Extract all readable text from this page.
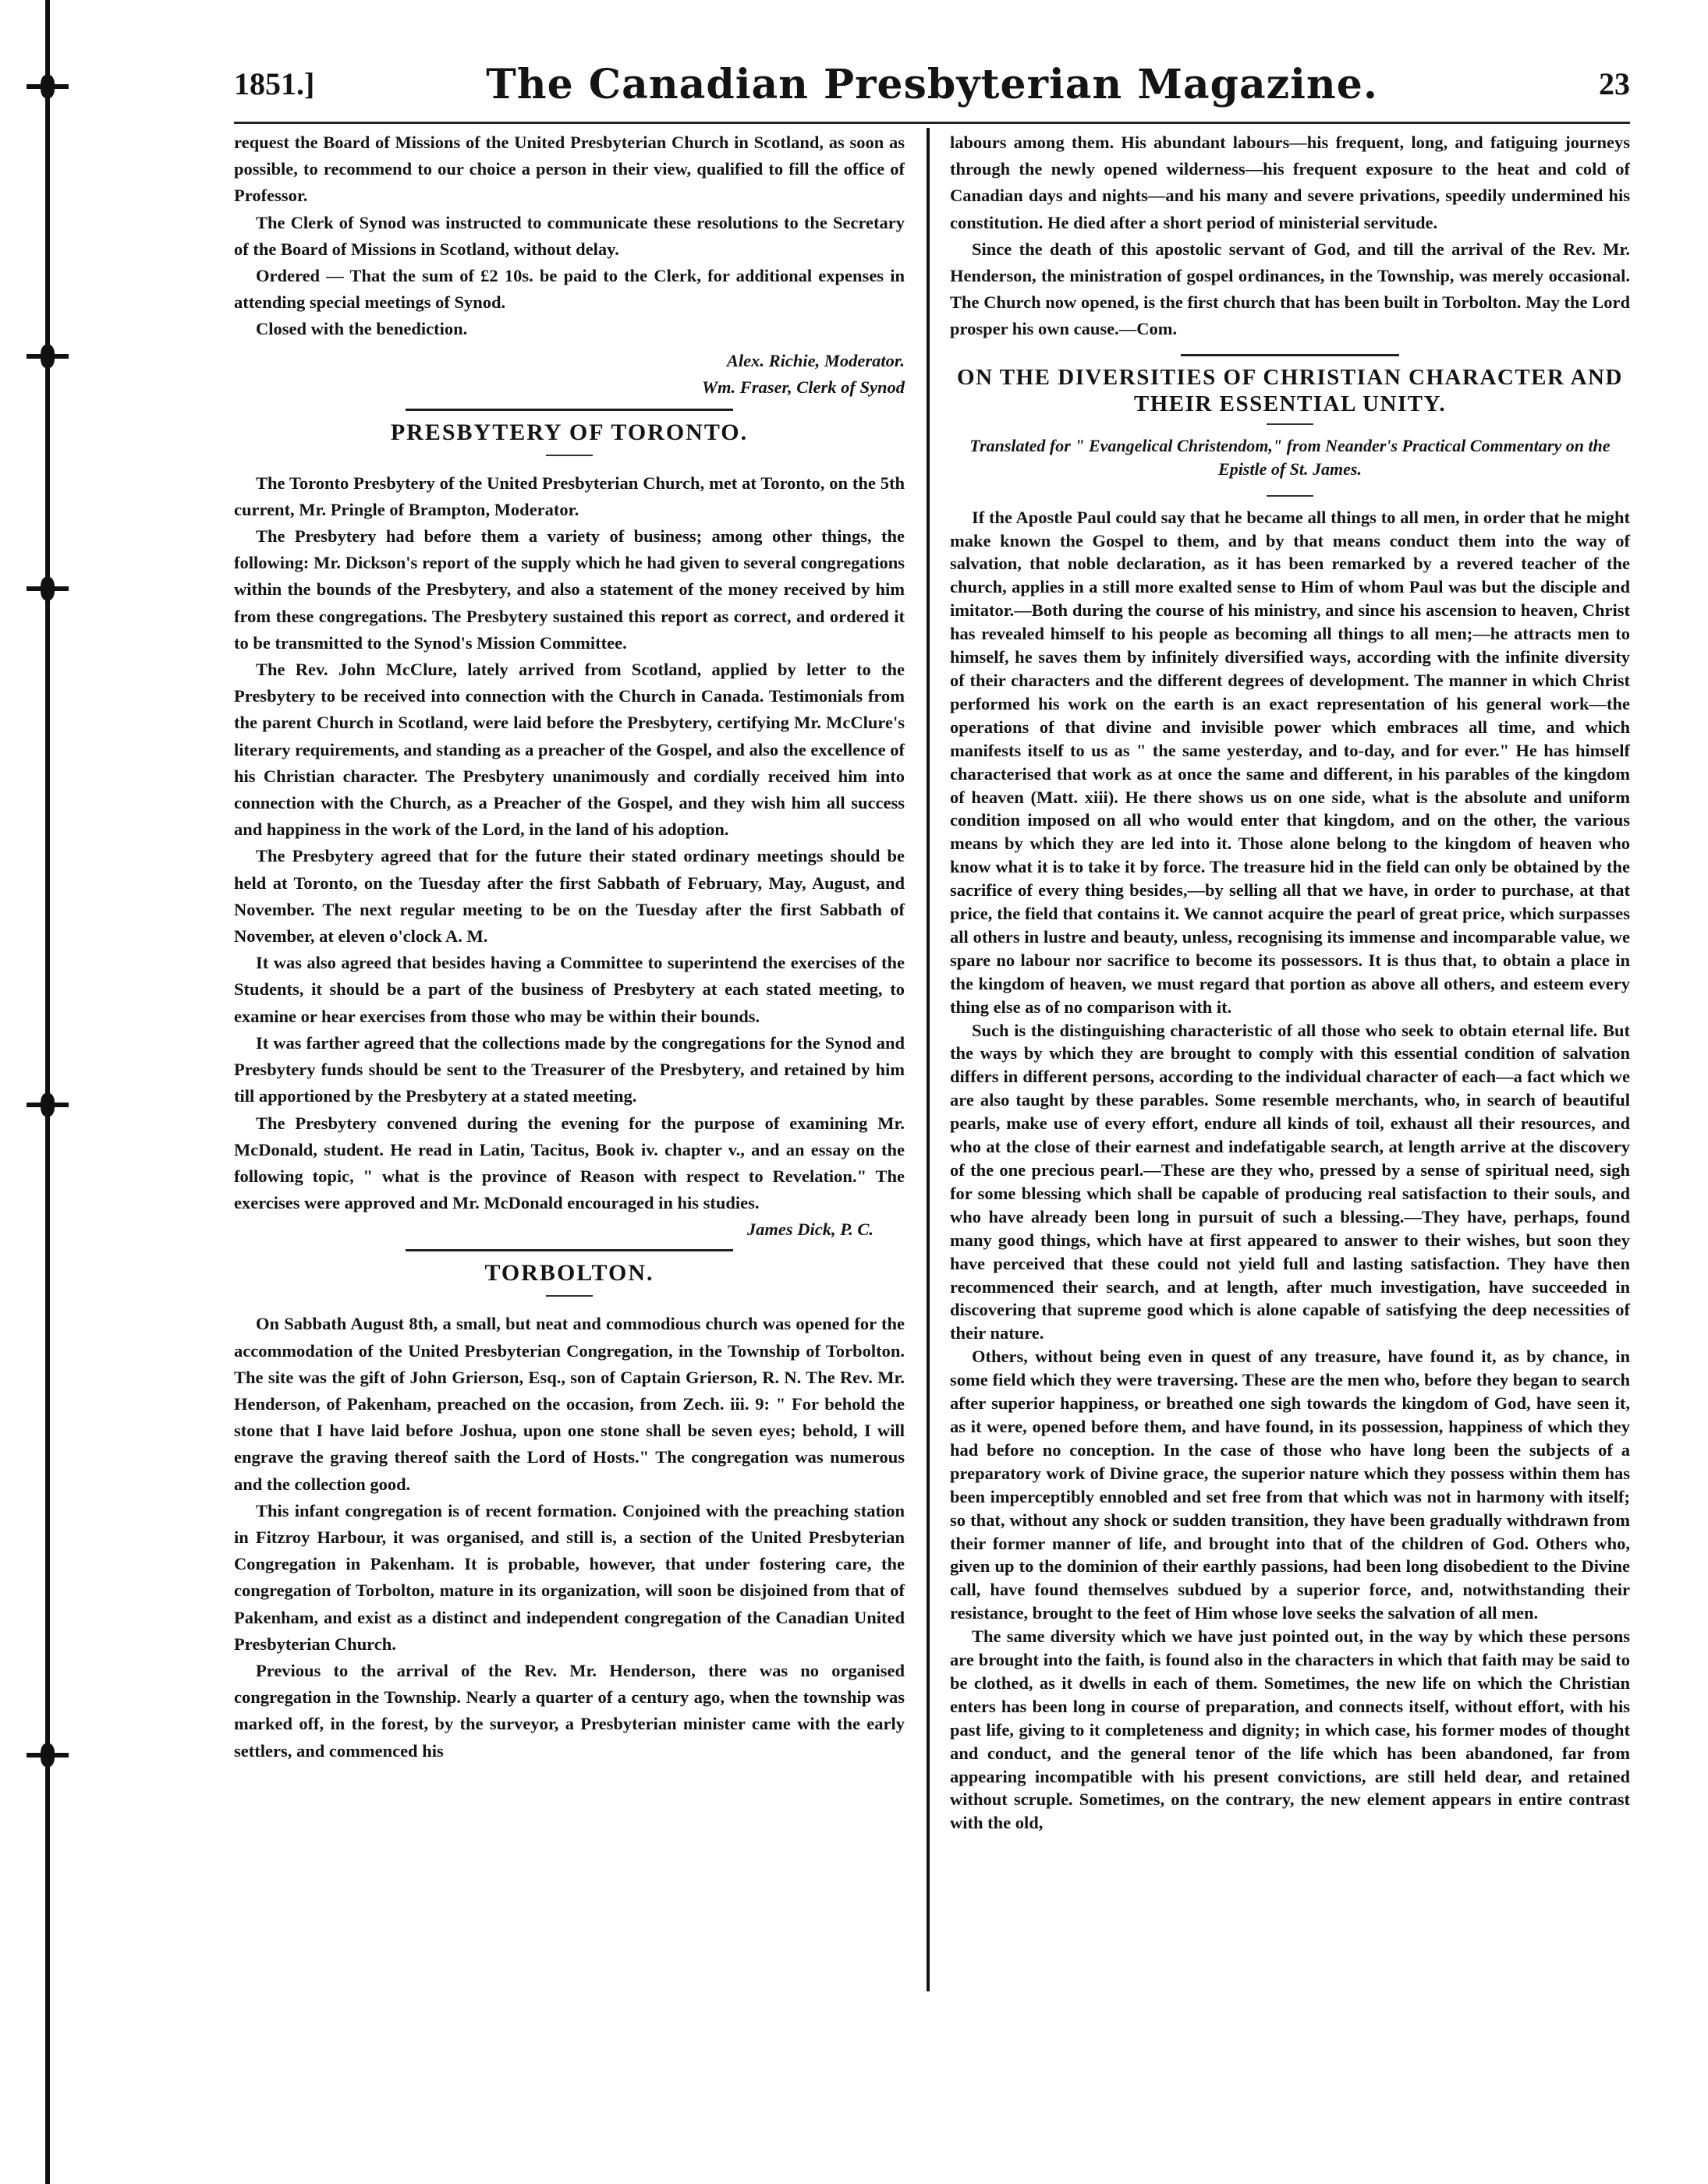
1851.]	The Canadian Presbyterian Magazine.	23

request the Board of Missions of the United Presbyterian Church in Scotland, as soon as possible, to recommend to our choice a person in their view, qualified to fill the office of Professor.

The Clerk of Synod was instructed to communicate these resolutions to the Secretary of the Board of Missions in Scotland, without delay.

Ordered — That the sum of £2 10s. be paid to the Clerk, for additional expenses in attending special meetings of Synod.

Closed with the benediction.

Alex. Richie, Moderator.
Wm. Fraser, Clerk of Synod
PRESBYTERY OF TORONTO.

The Toronto Presbytery of the United Presbyterian Church, met at Toronto, on the 5th current, Mr. Pringle of Brampton, Moderator.

The Presbytery had before them a variety of business; among other things, the following: Mr. Dickson's report of the supply which he had given to several congregations within the bounds of the Presbytery, and also a statement of the money received by him from these congregations. The Presbytery sustained this report as correct, and ordered it to be transmitted to the Synod's Mission Committee.

The Rev. John McClure, lately arrived from Scotland, applied by letter to the Presbytery to be received into connection with the Church in Canada. Testimonials from the parent Church in Scotland, were laid before the Presbytery, certifying Mr. McClure's literary requirements, and standing as a preacher of the Gospel, and also the excellence of his Christian character. The Presbytery unanimously and cordially received him into connection with the Church, as a Preacher of the Gospel, and they wish him all success and happiness in the work of the Lord, in the land of his adoption.

The Presbytery agreed that for the future their stated ordinary meetings should be held at Toronto, on the Tuesday after the first Sabbath of February, May, August, and November. The next regular meeting to be on the Tuesday after the first Sabbath of November, at eleven o'clock A. M.

It was also agreed that besides having a Committee to superintend the exercises of the Students, it should be a part of the business of Presbytery at each stated meeting, to examine or hear exercises from those who may be within their bounds.

It was farther agreed that the collections made by the congregations for the Synod and Presbytery funds should be sent to the Treasurer of the Presbytery, and retained by him till apportioned by the Presbytery at a stated meeting.

The Presbytery convened during the evening for the purpose of examining Mr. McDonald, student. He read in Latin, Tacitus, Book iv. chapter v., and an essay on the following topic, " what is the province of Reason with respect to Revelation." The exercises were approved and Mr. McDonald encouraged in his studies.

James Dick, P. C.
TORBOLTON.

On Sabbath August 8th, a small, but neat and commodious church was opened for the accommodation of the United Presbyterian Congregation, in the Township of Torbolton. The site was the gift of John Grierson, Esq., son of Captain Grierson, R. N. The Rev. Mr. Henderson, of Pakenham, preached on the occasion, from Zech. iii. 9: " For behold the stone that I have laid before Joshua, upon one stone shall be seven eyes; behold, I will engrave the graving thereof saith the Lord of Hosts." The congregation was numerous and the collection good.

This infant congregation is of recent formation. Conjoined with the preaching station in Fitzroy Harbour, it was organised, and still is, a section of the United Presbyterian Congregation in Pakenham. It is probable, however, that under fostering care, the congregation of Torbolton, mature in its organization, will soon be disjoined from that of Pakenham, and exist as a distinct and independent congregation of the Canadian United Presbyterian Church.

Previous to the arrival of the Rev. Mr. Henderson, there was no organised congregation in the Township. Nearly a quarter of a century ago, when the township was marked off, in the forest, by the surveyor, a Presbyterian minister came with the early settlers, and commenced his

labours among them. His abundant labours—his frequent, long, and fatiguing journeys through the newly opened wilderness—his frequent exposure to the heat and cold of Canadian days and nights—and his many and severe privations, speedily undermined his constitution. He died after a short period of ministerial servitude.

Since the death of this apostolic servant of God, and till the arrival of the Rev. Mr. Henderson, the ministration of gospel ordinances, in the Township, was merely occasional. The Church now opened, is the first church that has been built in Torbolton. May the Lord prosper his own cause.—Com.

ON THE DIVERSITIES OF CHRISTIAN CHARACTER AND THEIR ESSENTIAL UNITY.
Translated for " Evangelical Christendom," from Neander's Practical Commentary on the Epistle of St. James.

If the Apostle Paul could say that he became all things to all men, in order that he might make known the Gospel to them, and by that means conduct them into the way of salvation, that noble declaration, as it has been remarked by a revered teacher of the church, applies in a still more exalted sense to Him of whom Paul was but the disciple and imitator.—Both during the course of his ministry, and since his ascension to heaven, Christ has revealed himself to his people as becoming all things to all men;—he attracts men to himself, he saves them by infinitely diversified ways, according with the infinite diversity of their characters and the different degrees of development. The manner in which Christ performed his work on the earth is an exact representation of his general work—the operations of that divine and invisible power which embraces all time, and which manifests itself to us as " the same yesterday, and to-day, and for ever." He has himself characterised that work as at once the same and different, in his parables of the kingdom of heaven (Matt. xiii). He there shows us on one side, what is the absolute and uniform condition imposed on all who would enter that kingdom, and on the other, the various means by which they are led into it. Those alone belong to the kingdom of heaven who know what it is to take it by force. The treasure hid in the field can only be obtained by the sacrifice of every thing besides,—by selling all that we have, in order to purchase, at that price, the field that contains it. We cannot acquire the pearl of great price, which surpasses all others in lustre and beauty, unless, recognising its immense and incomparable value, we spare no labour nor sacrifice to become its possessors. It is thus that, to obtain a place in the kingdom of heaven, we must regard that portion as above all others, and esteem every thing else as of no comparison with it.

Such is the distinguishing characteristic of all those who seek to obtain eternal life. But the ways by which they are brought to comply with this essential condition of salvation differs in different persons, according to the individual character of each—a fact which we are also taught by these parables. Some resemble merchants, who, in search of beautiful pearls, make use of every effort, endure all kinds of toil, exhaust all their resources, and who at the close of their earnest and indefatigable search, at length arrive at the discovery of the one precious pearl.—These are they who, pressed by a sense of spiritual need, sigh for some blessing which shall be capable of producing real satisfaction to their souls, and who have already been long in pursuit of such a blessing.—They have, perhaps, found many good things, which have at first appeared to answer to their wishes, but soon they have perceived that these could not yield full and lasting satisfaction. They have then recommenced their search, and at length, after much investigation, have succeeded in discovering that supreme good which is alone capable of satisfying the deep necessities of their nature.

Others, without being even in quest of any treasure, have found it, as by chance, in some field which they were traversing. These are the men who, before they began to search after superior happiness, or breathed one sigh towards the kingdom of God, have seen it, as it were, opened before them, and have found, in its possession, happiness of which they had before no conception. In the case of those who have long been the subjects of a preparatory work of Divine grace, the superior nature which they possess within them has been imperceptibly ennobled and set free from that which was not in harmony with itself; so that, without any shock or sudden transition, they have been gradually withdrawn from their former manner of life, and brought into that of the children of God. Others who, given up to the dominion of their earthly passions, had been long disobedient to the Divine call, have found themselves subdued by a superior force, and, notwithstanding their resistance, brought to the feet of Him whose love seeks the salvation of all men.

The same diversity which we have just pointed out, in the way by which these persons are brought into the faith, is found also in the characters in which that faith may be said to be clothed, as it dwells in each of them. Sometimes, the new life on which the Christian enters has been long in course of preparation, and connects itself, without effort, with his past life, giving to it completeness and dignity; in which case, his former modes of thought and conduct, and the general tenor of the life which has been abandoned, far from appearing incompatible with his present convictions, are still held dear, and retained without scruple. Sometimes, on the contrary, the new element appears in entire contrast with the old,
